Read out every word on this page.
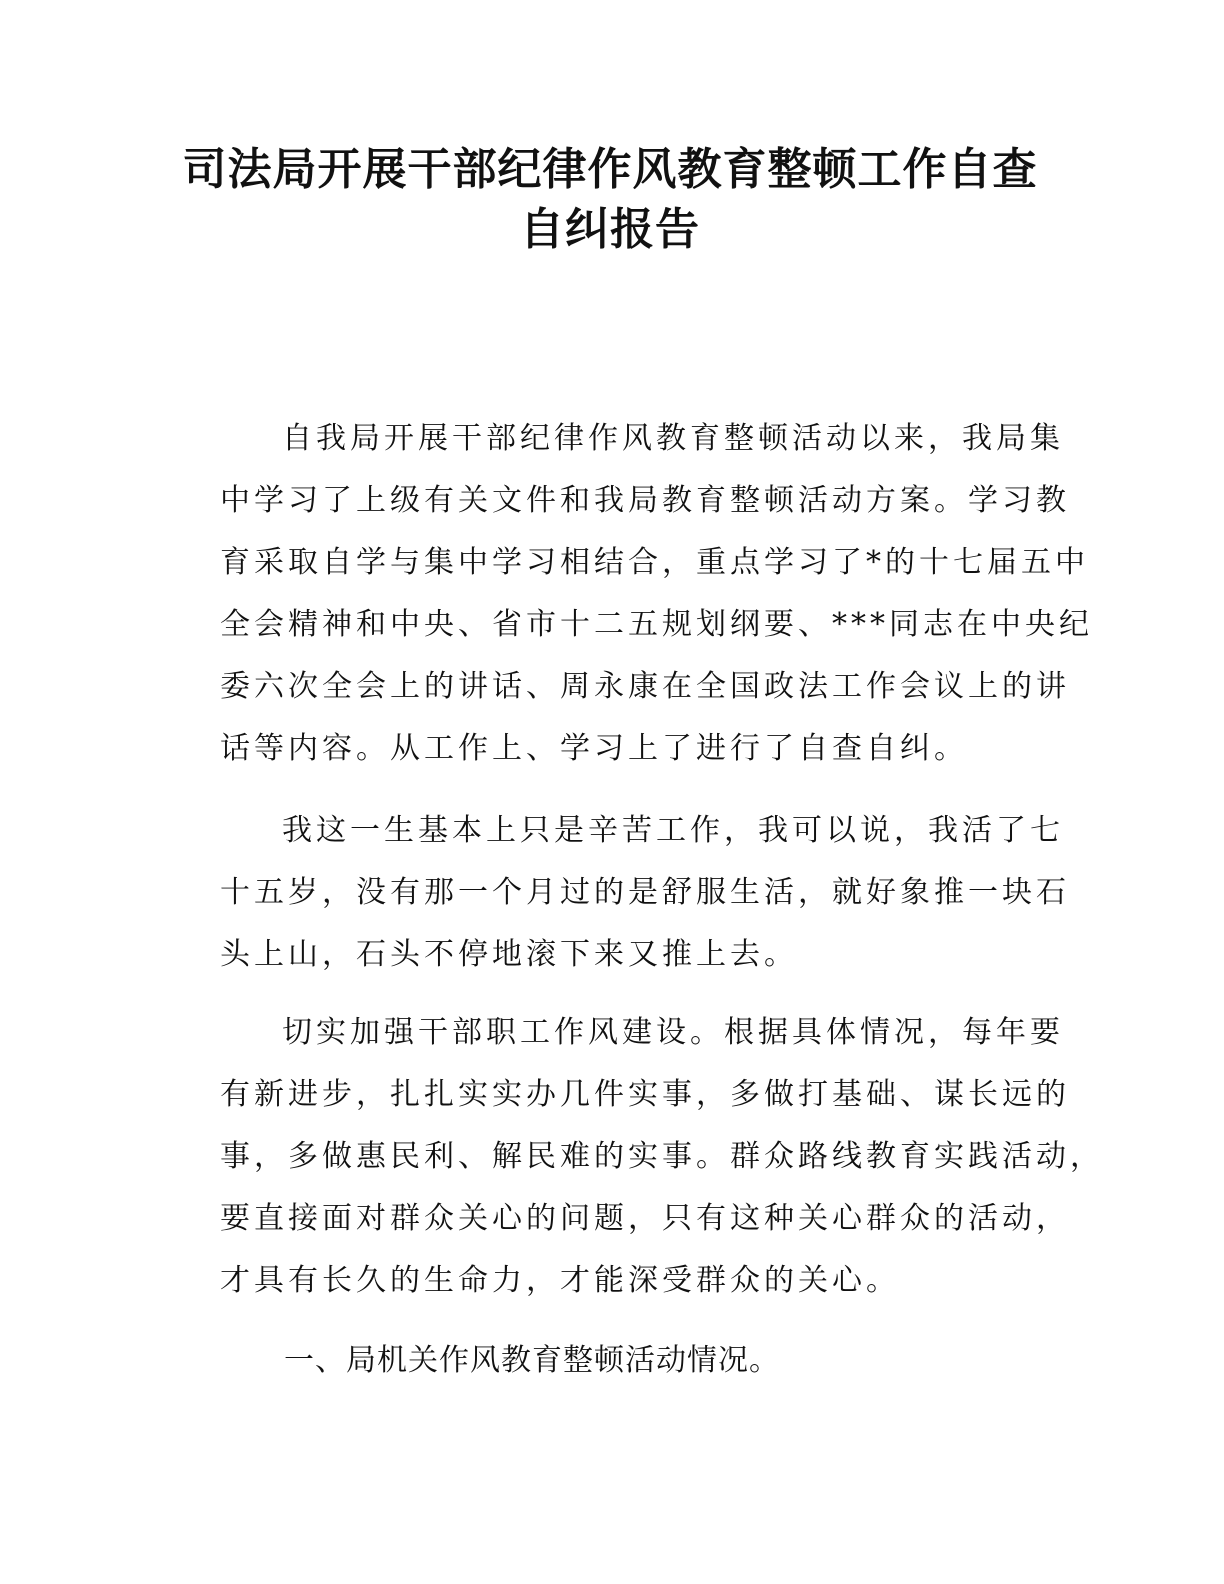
司法局开展干部纪律作风教育整顿工作自查
自纠报告

自我局开展干部纪律作风教育整顿活动以来，我局集
中学习了上级有关文件和我局教育整顿活动方案。学习教
育采取自学与集中学习相结合，重点学习了*的十七届五中
全会精神和中央、省市十二五规划纲要、***同志在中央纪
委六次全会上的讲话、周永康在全国政法工作会议上的讲
话等内容。从工作上、学习上了进行了自查自纠。

我这一生基本上只是辛苦工作，我可以说，我活了七
十五岁，没有那一个月过的是舒服生活，就好象推一块石
头上山，石头不停地滚下来又推上去。

切实加强干部职工作风建设。根据具体情况，每年要
有新进步，扎扎实实办几件实事，多做打基础、谋长远的
事，多做惠民利、解民难的实事。群众路线教育实践活动，
要直接面对群众关心的问题，只有这种关心群众的活动，
才具有长久的生命力，才能深受群众的关心。

一、局机关作风教育整顿活动情况。
